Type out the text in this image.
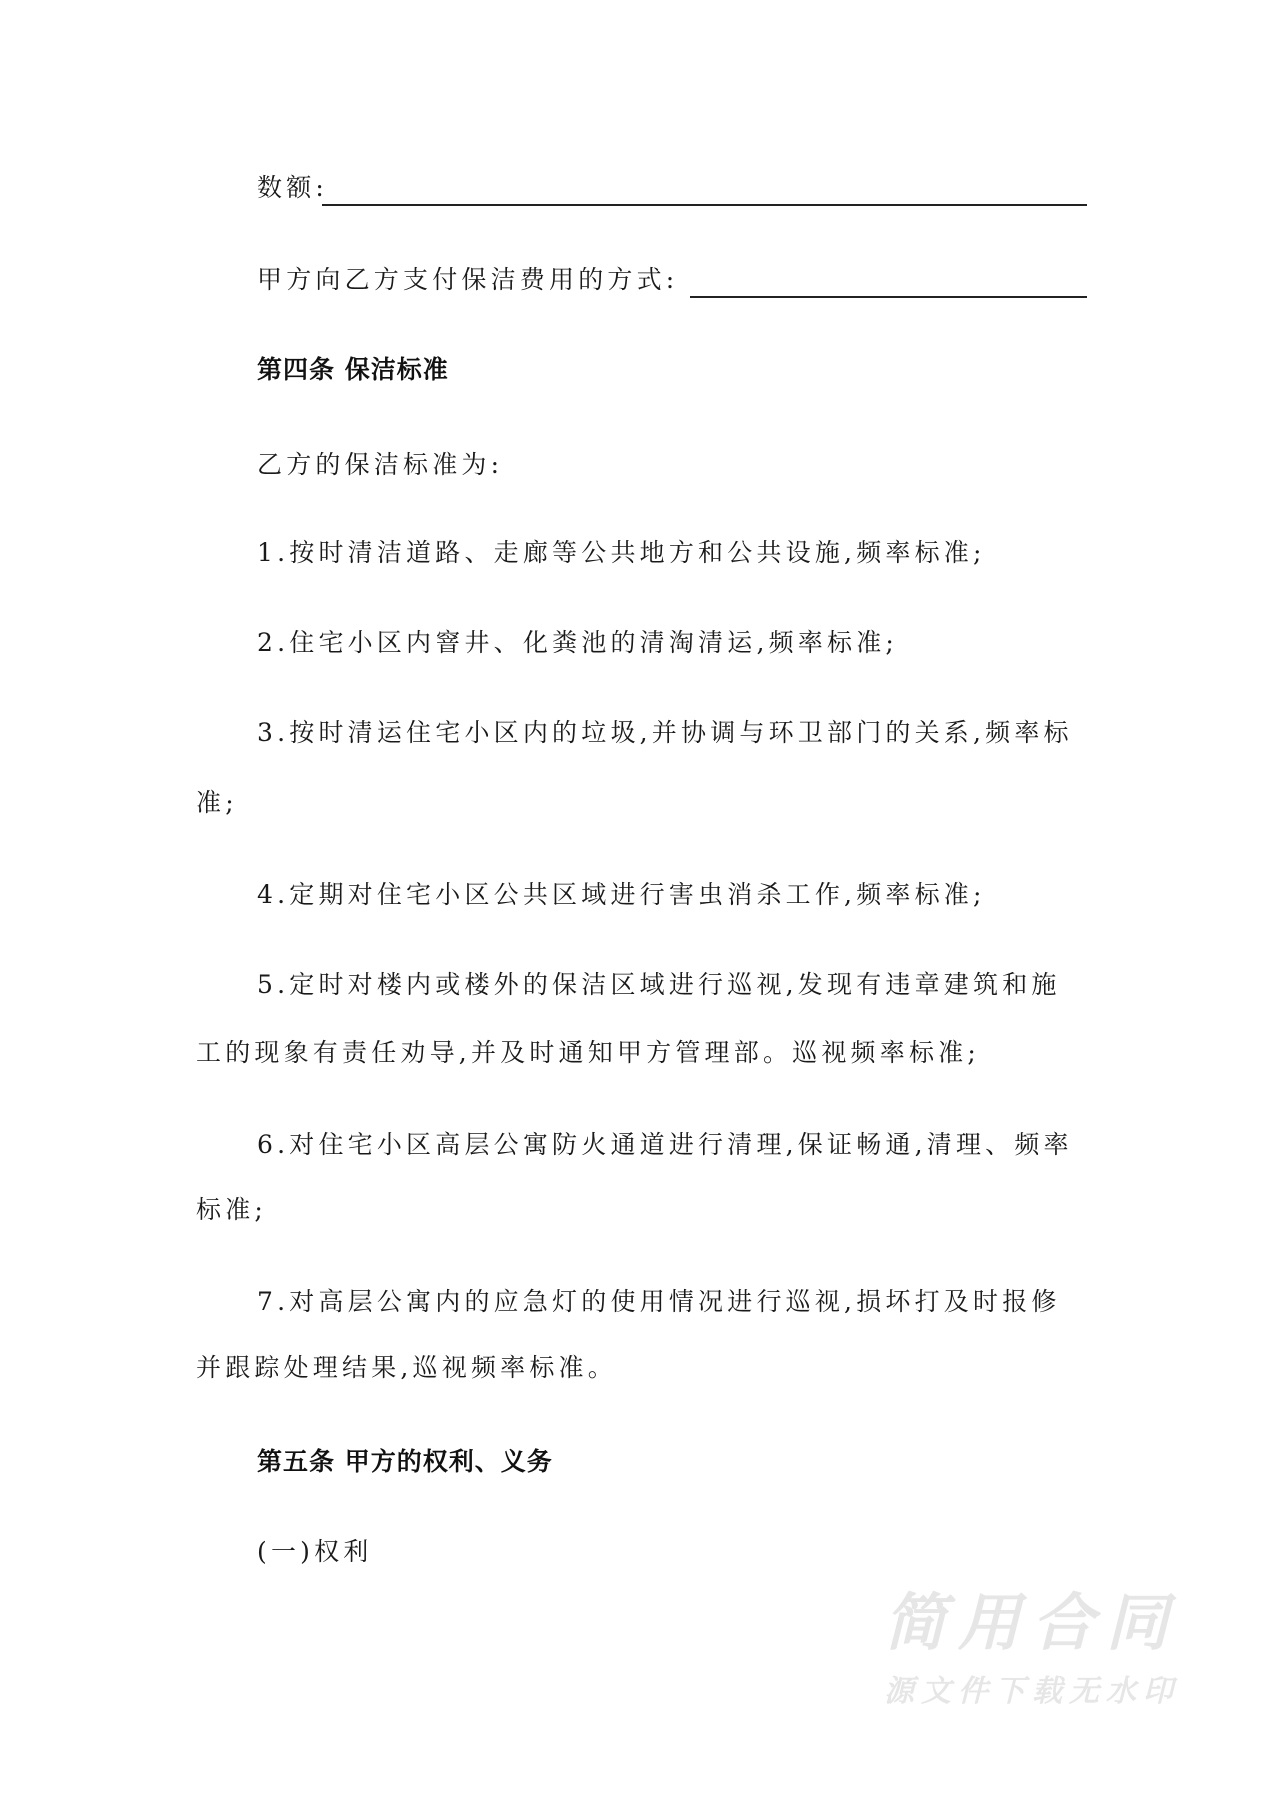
数额:
甲方向乙方支付保洁费用的方式:
第四条 保洁标准
乙方的保洁标准为:
1.按时清洁道路、走廊等公共地方和公共设施,频率标准;
2.住宅小区内窨井、化粪池的清淘清运,频率标准;
3.按时清运住宅小区内的垃圾,并协调与环卫部门的关系,频率标
准;
4.定期对住宅小区公共区域进行害虫消杀工作,频率标准;
5.定时对楼内或楼外的保洁区域进行巡视,发现有违章建筑和施
工的现象有责任劝导,并及时通知甲方管理部。巡视频率标准;
6.对住宅小区高层公寓防火通道进行清理,保证畅通,清理、频率
标准;
7.对高层公寓内的应急灯的使用情况进行巡视,损坏打及时报修
并跟踪处理结果,巡视频率标准。
第五条 甲方的权利、义务
(一)权利
简用合同
源文件下载无水印
